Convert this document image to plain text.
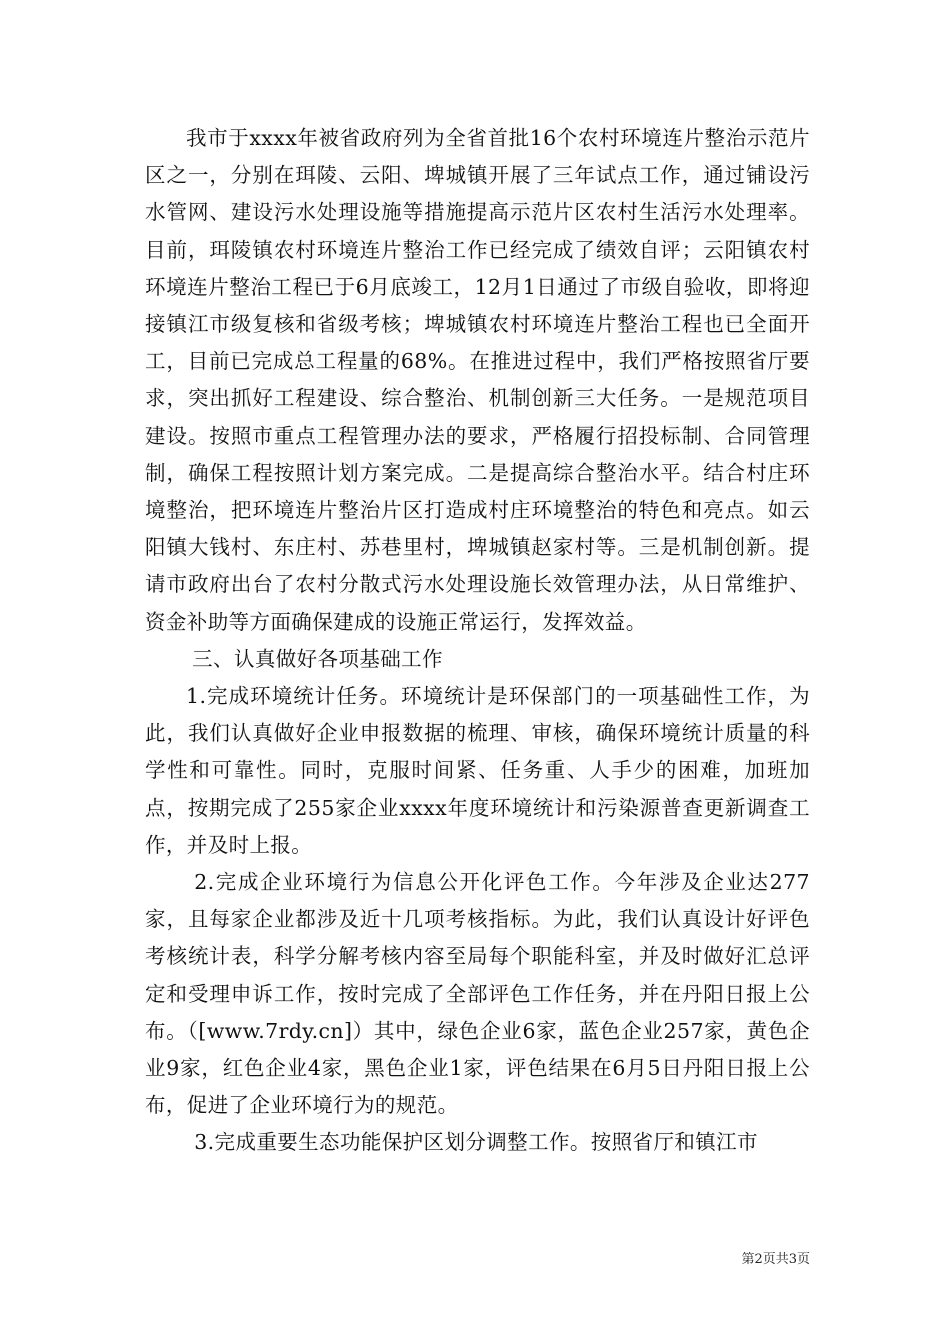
我市于xxxx年被省政府列为全省首批16个农村环境连片整治示范片区之一，分别在珥陵、云阳、埤城镇开展了三年试点工作，通过铺设污水管网、建设污水处理设施等措施提高示范片区农村生活污水处理率。目前，珥陵镇农村环境连片整治工作已经完成了绩效自评；云阳镇农村环境连片整治工程已于6月底竣工，12月1日通过了市级自验收，即将迎接镇江市级复核和省级考核；埤城镇农村环境连片整治工程也已全面开工，目前已完成总工程量的68%。在推进过程中，我们严格按照省厅要求，突出抓好工程建设、综合整治、机制创新三大任务。一是规范项目建设。按照市重点工程管理办法的要求，严格履行招投标制、合同管理制，确保工程按照计划方案完成。二是提高综合整治水平。结合村庄环境整治，把环境连片整治片区打造成村庄环境整治的特色和亮点。如云阳镇大钱村、东庄村、苏巷里村，埤城镇赵家村等。三是机制创新。提请市政府出台了农村分散式污水处理设施长效管理办法，从日常维护、资金补助等方面确保建成的设施正常运行，发挥效益。

三、认真做好各项基础工作

1.完成环境统计任务。环境统计是环保部门的一项基础性工作，为此，我们认真做好企业申报数据的梳理、审核，确保环境统计质量的科学性和可靠性。同时，克服时间紧、任务重、人手少的困难，加班加点，按期完成了255家企业xxxx年度环境统计和污染源普查更新调查工作，并及时上报。

2.完成企业环境行为信息公开化评色工作。今年涉及企业达277家，且每家企业都涉及近十几项考核指标。为此，我们认真设计好评色考核统计表，科学分解考核内容至局每个职能科室，并及时做好汇总评定和受理申诉工作，按时完成了全部评色工作任务，并在丹阳日报上公布。（[www.7rdy.cn]）其中，绿色企业6家，蓝色企业257家，黄色企业9家，红色企业4家，黑色企业1家，评色结果在6月5日丹阳日报上公布，促进了企业环境行为的规范。

3.完成重要生态功能保护区划分调整工作。按照省厅和镇江市

第2页共3页
